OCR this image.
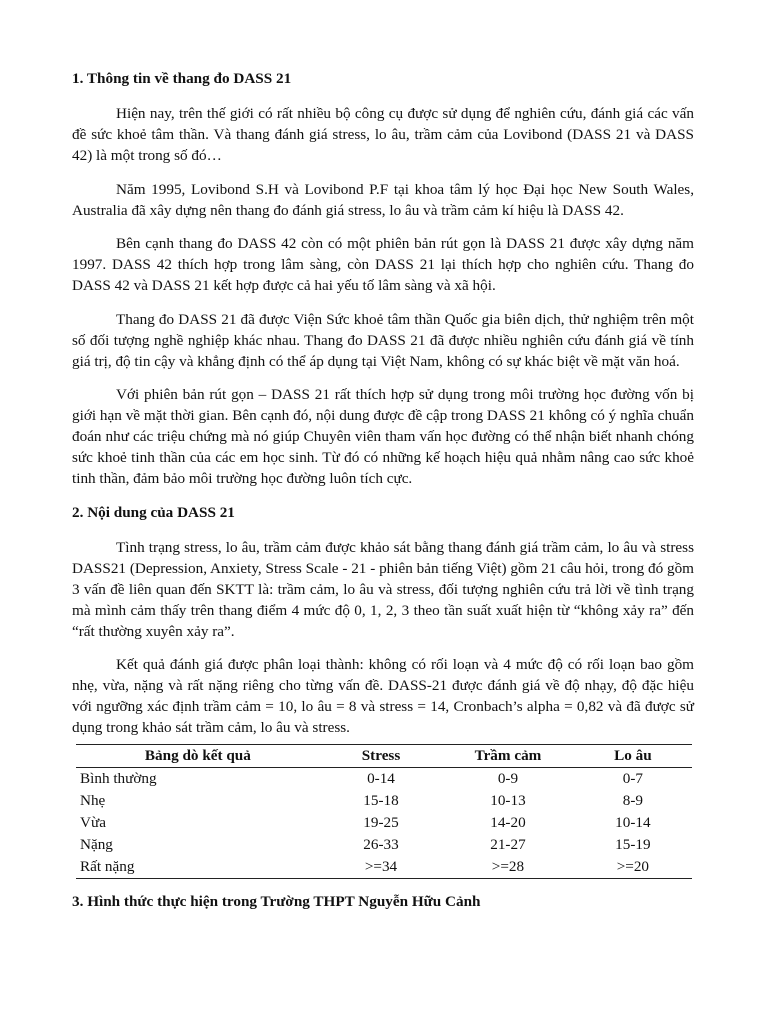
1. Thông tin về thang đo DASS 21

Hiện nay, trên thế giới có rất nhiều bộ công cụ được sử dụng để nghiên cứu, đánh giá các vấn đề sức khoẻ tâm thần. Và thang đánh giá stress, lo âu, trầm cảm của Lovibond (DASS 21 và DASS 42) là một trong số đó…

Năm 1995, Lovibond S.H và Lovibond P.F tại khoa tâm lý học Đại học New South Wales, Australia đã xây dựng nên thang đo đánh giá stress, lo âu và trầm cảm kí hiệu là DASS 42.

Bên cạnh thang đo DASS 42 còn có một phiên bản rút gọn là DASS 21 được xây dựng năm 1997. DASS 42 thích hợp trong lâm sàng, còn DASS 21 lại thích hợp cho nghiên cứu. Thang đo DASS 42 và DASS 21 kết hợp được cả hai yếu tố lâm sàng và xã hội.

Thang đo DASS 21 đã được Viện Sức khoẻ tâm thần Quốc gia biên dịch, thử nghiệm trên một số đối tượng nghề nghiệp khác nhau. Thang đo DASS 21 đã được nhiều nghiên cứu đánh giá về tính giá trị, độ tin cậy và khẳng định có thể áp dụng tại Việt Nam, không có sự khác biệt về mặt văn hoá.

Với phiên bản rút gọn – DASS 21 rất thích hợp sử dụng trong môi trường học đường vốn bị giới hạn về mặt thời gian. Bên cạnh đó, nội dung được đề cập trong DASS 21 không có ý nghĩa chuẩn đoán như các triệu chứng mà nó giúp Chuyên viên tham vấn học đường có thể nhận biết nhanh chóng sức khoẻ tinh thần của các em học sinh. Từ đó có những kế hoạch hiệu quả nhằm nâng cao sức khoẻ tinh thần, đảm bảo môi trường học đường luôn tích cực.

2. Nội dung của DASS 21

Tình trạng stress, lo âu, trầm cảm được khảo sát bằng thang đánh giá trầm cảm, lo âu và stress DASS21 (Depression, Anxiety, Stress Scale - 21 - phiên bản tiếng Việt) gồm 21 câu hỏi, trong đó gồm 3 vấn đề liên quan đến SKTT là: trầm cảm, lo âu và stress, đối tượng nghiên cứu trả lời về tình trạng mà mình cảm thấy trên thang điểm 4 mức độ 0, 1, 2, 3 theo tần suất xuất hiện từ “không xảy ra” đến “rất thường xuyên xảy ra”.

Kết quả đánh giá được phân loại thành: không có rối loạn và 4 mức độ có rối loạn bao gồm nhẹ, vừa, nặng và rất nặng riêng cho từng vấn đề. DASS-21 được đánh giá về độ nhạy, độ đặc hiệu với ngưỡng xác định trầm cảm = 10, lo âu = 8 và stress = 14, Cronbach’s alpha = 0,82 và đã được sử dụng trong khảo sát trầm cảm, lo âu và stress.

Bảng dò kết quả	Stress	Trầm cảm	Lo âu
Bình thường	0-14	0-9	0-7
Nhẹ	15-18	10-13	8-9
Vừa	19-25	14-20	10-14
Nặng	26-33	21-27	15-19
Rất nặng	>=34	>=28	>=20
3. Hình thức thực hiện trong Trường THPT Nguyễn Hữu Cảnh
